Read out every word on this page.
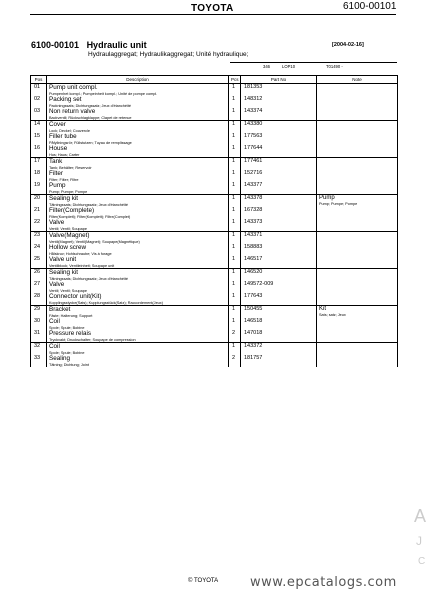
TOYOTA	6100-00101
6100-00101 Hydraulic unit	[2004-02-16]
Hydraulaggregat; Hydraulikaggregat; Unité hydraulique;
346	LOP10	T01490 -
Pos	Description	Pcs	Part No	Note
01	Pump unit compl.
Pumpenhet kompl.; Pumpeinheit kompl.; Unité de pompe compl.	1	181353	

02	Packing set
Packningssats; Dichtungssatz; Jeux d'étanchéité	1	148312	

03	Non return valve
Backventil; Rückschlagklappe; Clapet de retenue	1	143374	

14	Cover
Lock; Deckel; Couvercle	1	143380	

15	Filler tube
Påfyllningsrör; Füllstutzen; Tuyau de remplissage	1	177563	

16	House
Hus; Haus; Carter	1	177644	

17	Tank
Tank; Behälter; Reservoir	1	177461	

18	Filter
Filter; Filter; Filtre	1	152716	

19	Pump
Pump; Pumpe; Pompe	1	143377	

20	Sealing kit
Tätningssats; Dichtungssatz; Jeux d'étanchéité	1	143378	Pump
Pump; Pumpe; Pompe

21	Filter(Complete)
Filter(Komplett); Filter(Komplett); Filtre(Complet)	1	167328	

22	Valve
Ventil; Ventil; Soupape	1	143373	

23	Valve(Magnet)
Ventil(Magnet); Ventil(Magnet); Soupape(Magnétique)	1	143371	

24	Hollow screw
Hålskruv; Hohlschraube; Vis à forage	1	158883	

25	Valve unit
Ventilblock; Ventileinheit; Soupape unit	1	146517	

26	Sealing kit
Tätningssats; Dichtungssatz; Jeux d'étanchéité	1	146520	

27	Valve
Ventil; Ventil; Soupape	1	149572-009	

28	Connector unit(Kit)
Kopplingsstycke(Sats); Kupplungsstück(Satz); Raccordement(Jeux)	1	177643	

29	Bracket
Fäste; Halterung; Support	1	150455	Kit
Sats; satz; Jeux

30	Coil
Spole; Spule; Bobine	1	146518	

31	Pressure relais
Tryckvakt; Druckschalter; Soupape de compression	2	147018	

32	Coil
Spole; Spule; Bobine	1	143372	

33	Sealing
Tätning; Dichtung; Joint	2	181757	
© TOYOTA www.epcatalogs.com
A
J
C
